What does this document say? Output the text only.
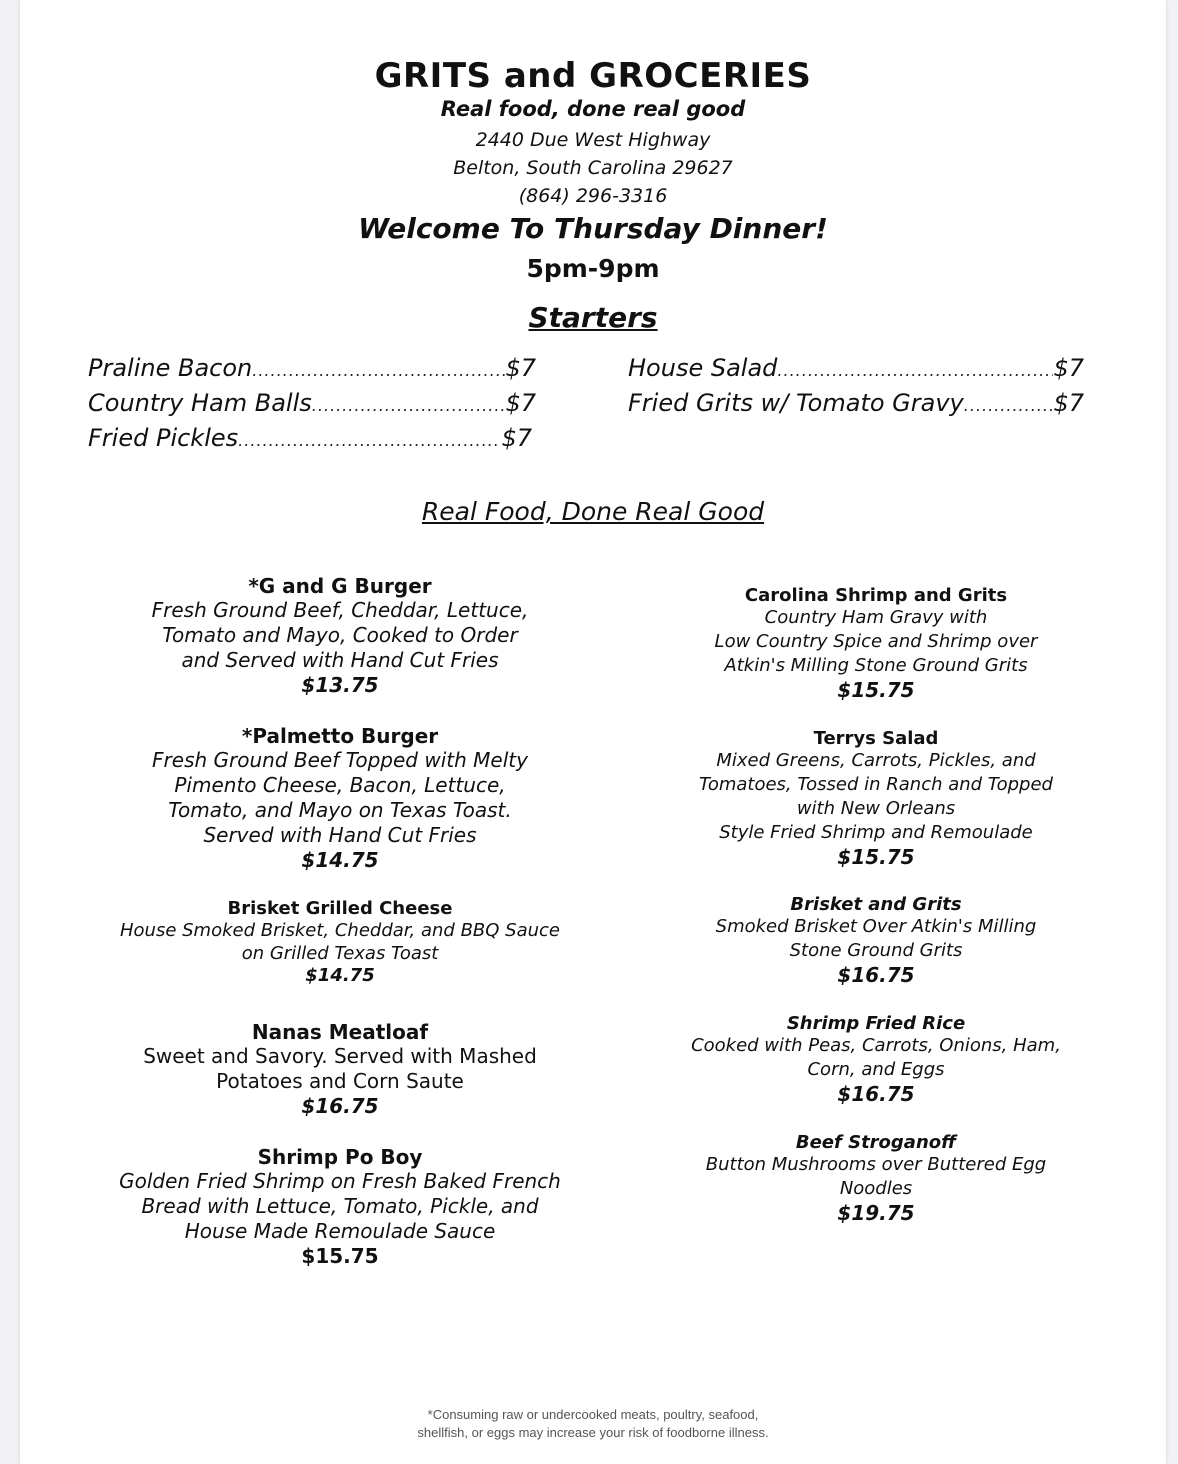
GRITS and GROCERIES
Real food, done real good
2440 Due West Highway
Belton, South Carolina 29627
(864) 296-3316
Welcome To Thursday Dinner!
5pm-9pm
Starters
Praline Bacon .....	$7
Country Ham Balls .....	$7
Fried Pickles .....	$7
House Salad .....	$7
Fried Grits w/ Tomato Gravy .....	$7
Real Food, Done Real Good
*G and G Burger
Fresh Ground Beef, Cheddar, Lettuce,
Tomato and Mayo, Cooked to Order
and Served with Hand Cut Fries
$13.75
*Palmetto Burger
Fresh Ground Beef Topped with Melty
Pimento Cheese, Bacon, Lettuce,
Tomato, and Mayo on Texas Toast.
Served with Hand Cut Fries
$14.75
Brisket Grilled Cheese
House Smoked Brisket, Cheddar, and BBQ Sauce
on Grilled Texas Toast
$14.75
Nanas Meatloaf
Sweet and Savory. Served with Mashed
Potatoes and Corn Saute
$16.75
Shrimp Po Boy
Golden Fried Shrimp on Fresh Baked French
Bread with Lettuce, Tomato, Pickle, and
House Made Remoulade Sauce
$15.75
Carolina Shrimp and Grits
Country Ham Gravy with
Low Country Spice and Shrimp over
Atkin's Milling Stone Ground Grits
$15.75
Terrys Salad
Mixed Greens, Carrots, Pickles, and
Tomatoes, Tossed in Ranch and Topped
with New Orleans
Style Fried Shrimp and Remoulade
$15.75
Brisket and Grits
Smoked Brisket Over Atkin's Milling
Stone Ground Grits
$16.75
Shrimp Fried Rice
Cooked with Peas, Carrots, Onions, Ham,
Corn, and Eggs
$16.75
Beef Stroganoff
Button Mushrooms over Buttered Egg
Noodles
$19.75
*Consuming raw or undercooked meats, poultry, seafood,
shellfish, or eggs may increase your risk of foodborne illness.
